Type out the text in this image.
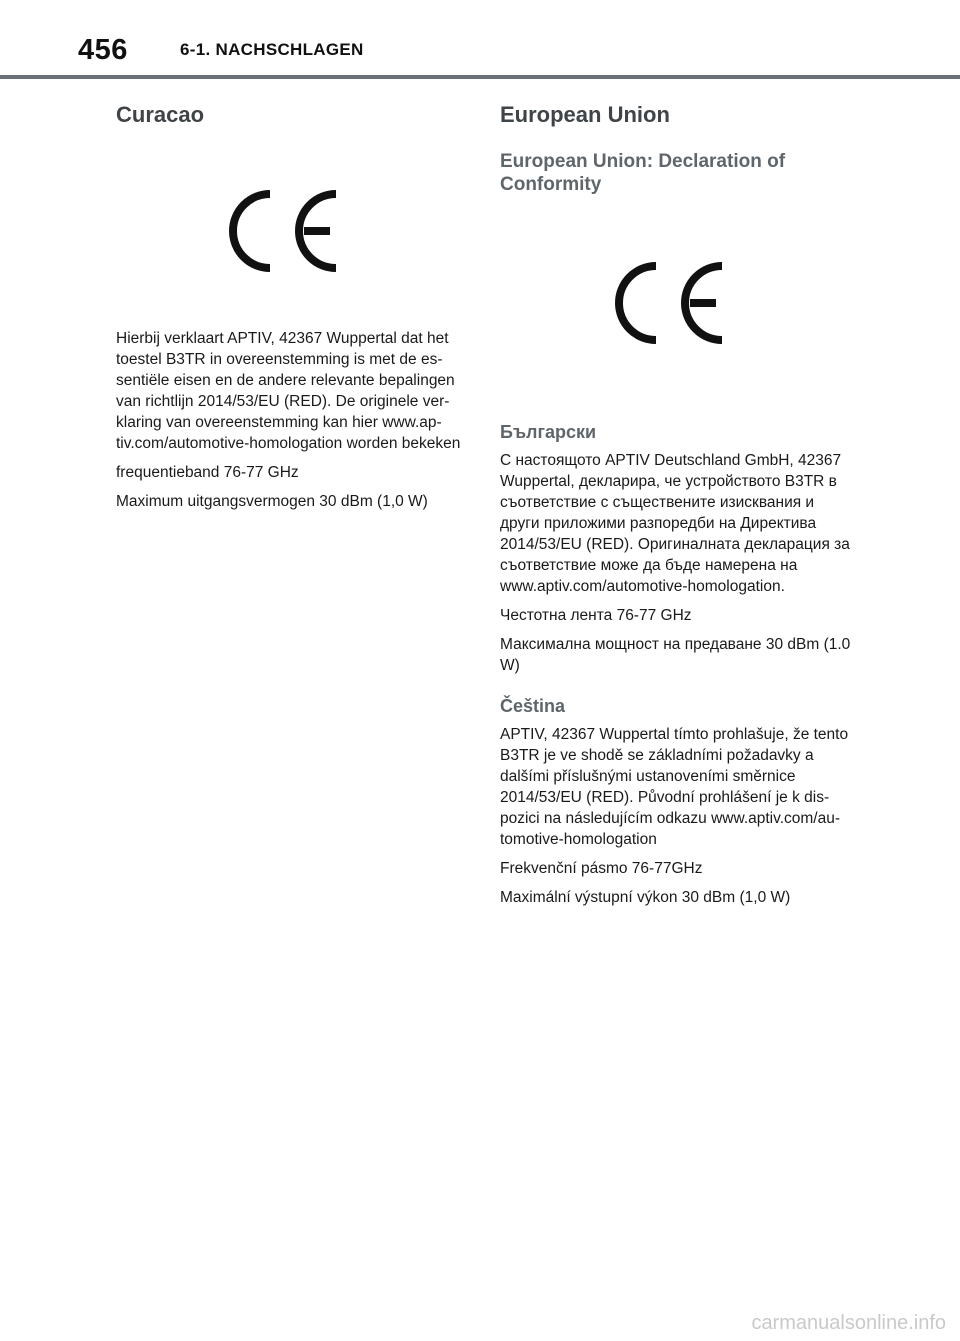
456	6-1. NACHSCHLAGEN
Curacao

Hierbij verklaart APTIV, 42367 Wuppertal dat het toestel B3TR in overeenstemming is met de essentiële eisen en de andere relevante bepalingen van richtlijn 2014/53/EU (RED). De originele verklaring van overeenstemming kan hier www.aptiv.com/automotive-homologation worden bekeken

frequentieband 76-77 GHz

Maximum uitgangsvermogen 30 dBm (1,0 W)

European Union
European Union: Declaration of Conformity
Български

С настоящото APTIV Deutschland GmbH, 42367 Wuppertal, декларира, че устройството B3TR в съответствие с съществените изисквания и други приложими разпоредби на Директива 2014/53/EU (RED). Оригиналната декларация за съответствие може да бъде намерена на www.aptiv.com/automotive-homologation.

Честотна лента 76-77 GHz

Максимална мощност на предаване 30 dBm (1.0 W)

Čeština

APTIV, 42367 Wuppertal tímto prohlašuje, že tento B3TR je ve shodě se základními požadavky a dalšími příslušnými ustanoveními směrnice 2014/53/EU (RED). Původní prohlášení je k dispozici na následujícím odkazu www.aptiv.com/automotive-homologation

Frekvenční pásmo 76-77GHz

Maximální výstupní výkon 30 dBm (1,0 W)

carmanualsonline.info
